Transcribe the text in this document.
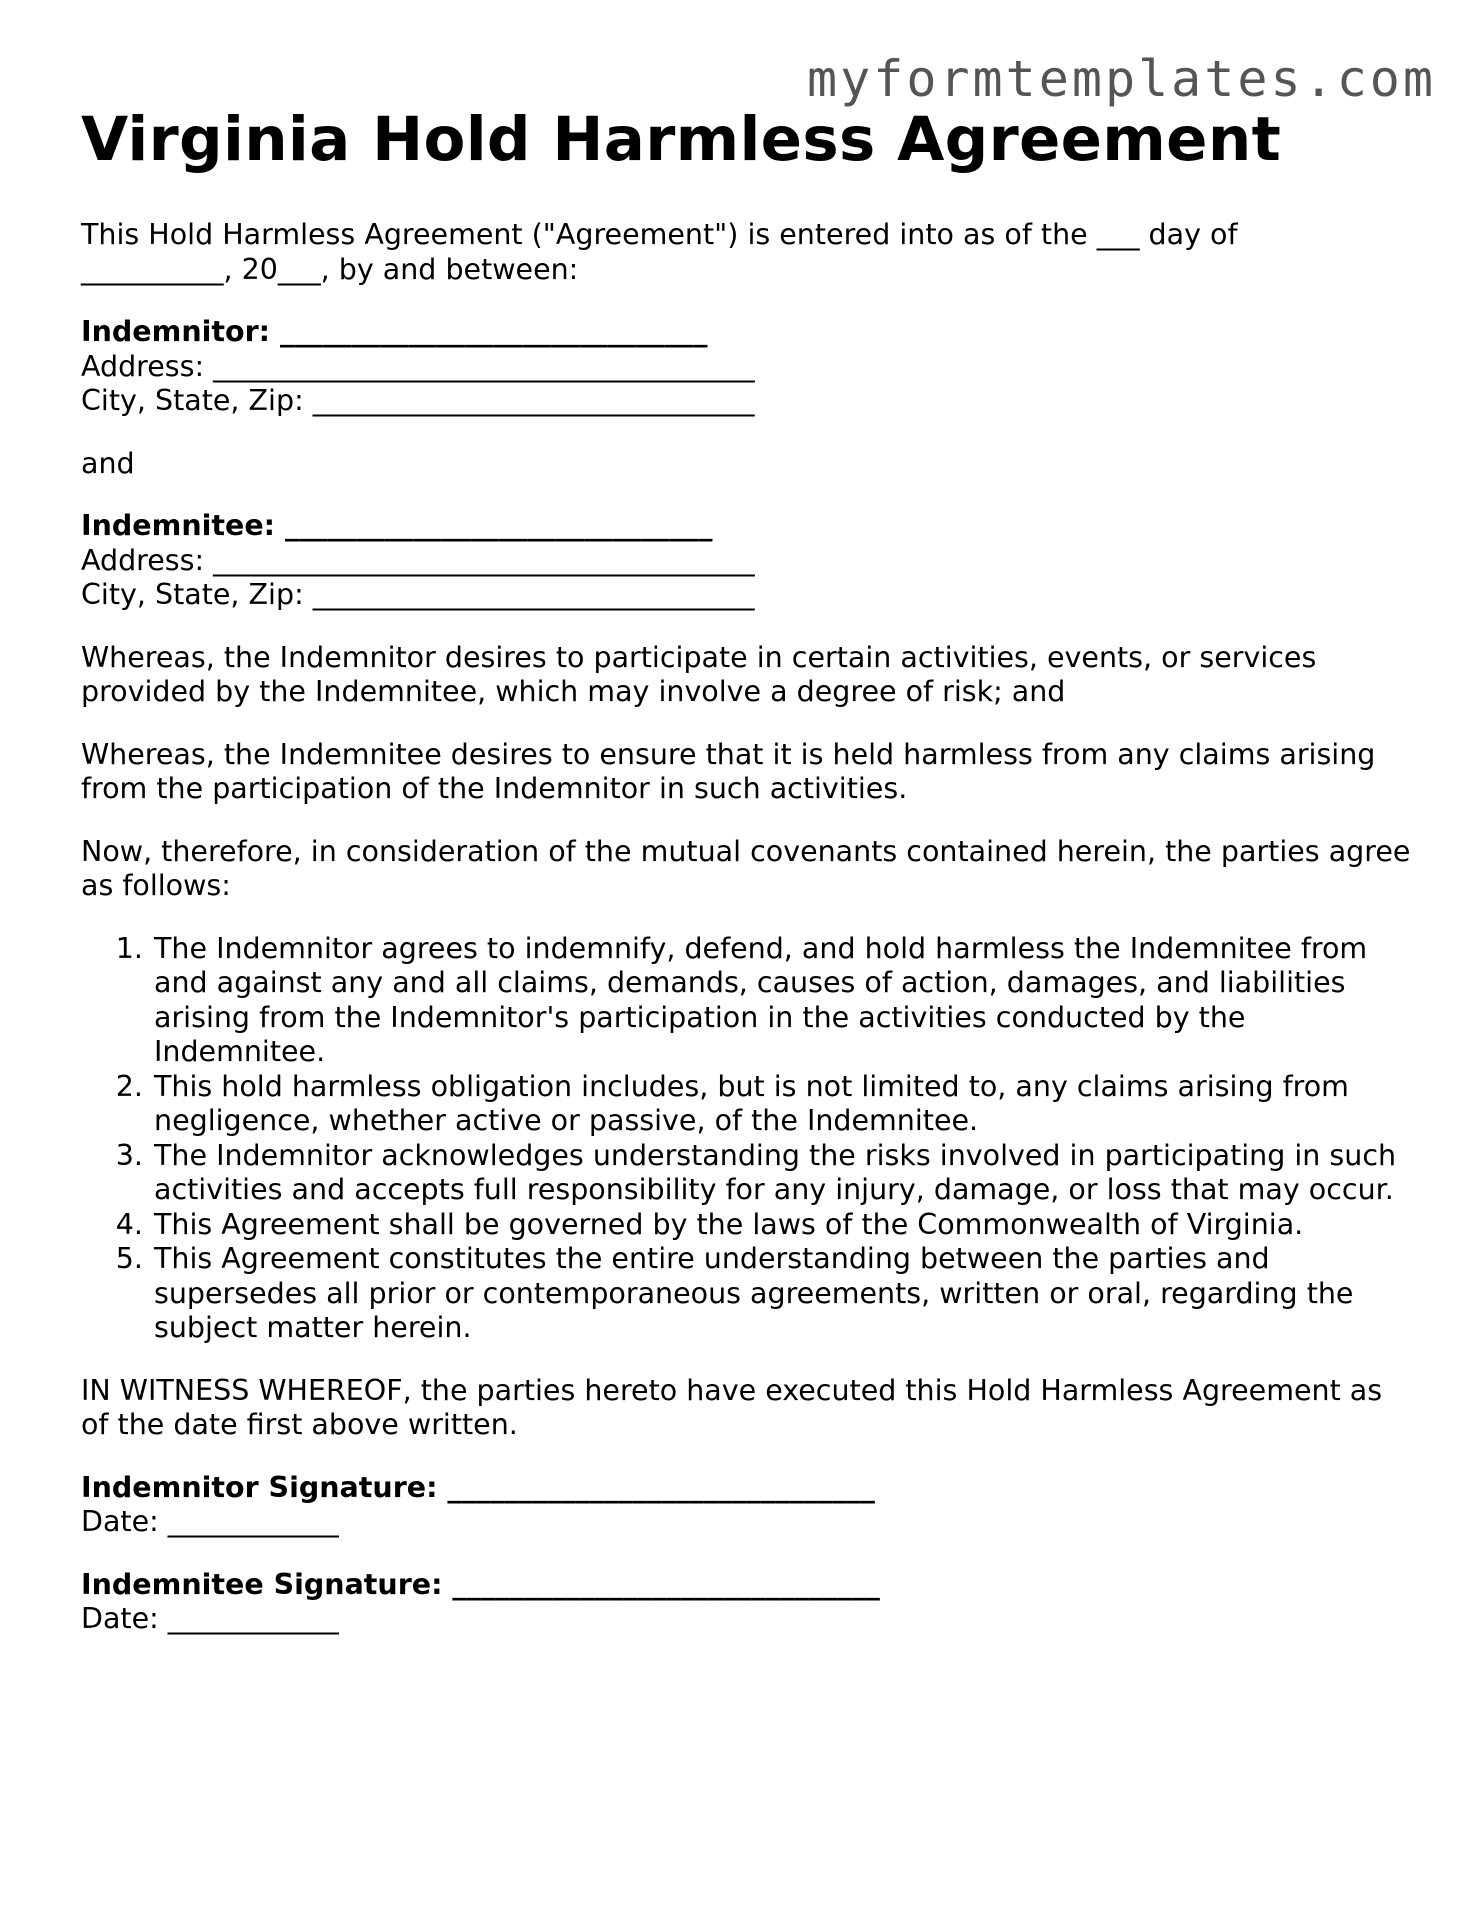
myformtemplates.com
Virginia Hold Harmless Agreement

This Hold Harmless Agreement ("Agreement") is entered into as of the ___ day of
__________, 20___, by and between:

Indemnitor: ______________________________
Address: ______________________________________
City, State, Zip: _______________________________

and

Indemnitee: ______________________________
Address: ______________________________________
City, State, Zip: _______________________________

Whereas, the Indemnitor desires to participate in certain activities, events, or services provided by the Indemnitee, which may involve a degree of risk; and

Whereas, the Indemnitee desires to ensure that it is held harmless from any claims arising from the participation of the Indemnitor in such activities.

Now, therefore, in consideration of the mutual covenants contained herein, the parties agree as follows:

1. The Indemnitor agrees to indemnify, defend, and hold harmless the Indemnitee from and against any and all claims, demands, causes of action, damages, and liabilities arising from the Indemnitor's participation in the activities conducted by the Indemnitee.
2. This hold harmless obligation includes, but is not limited to, any claims arising from negligence, whether active or passive, of the Indemnitee.
3. The Indemnitor acknowledges understanding the risks involved in participating in such activities and accepts full responsibility for any injury, damage, or loss that may occur.
4. This Agreement shall be governed by the laws of the Commonwealth of Virginia.
5. This Agreement constitutes the entire understanding between the parties and supersedes all prior or contemporaneous agreements, written or oral, regarding the subject matter herein.

IN WITNESS WHEREOF, the parties hereto have executed this Hold Harmless Agreement as of the date first above written.

Indemnitor Signature: ______________________________
Date: ____________

Indemnitee Signature: ______________________________
Date: ____________
